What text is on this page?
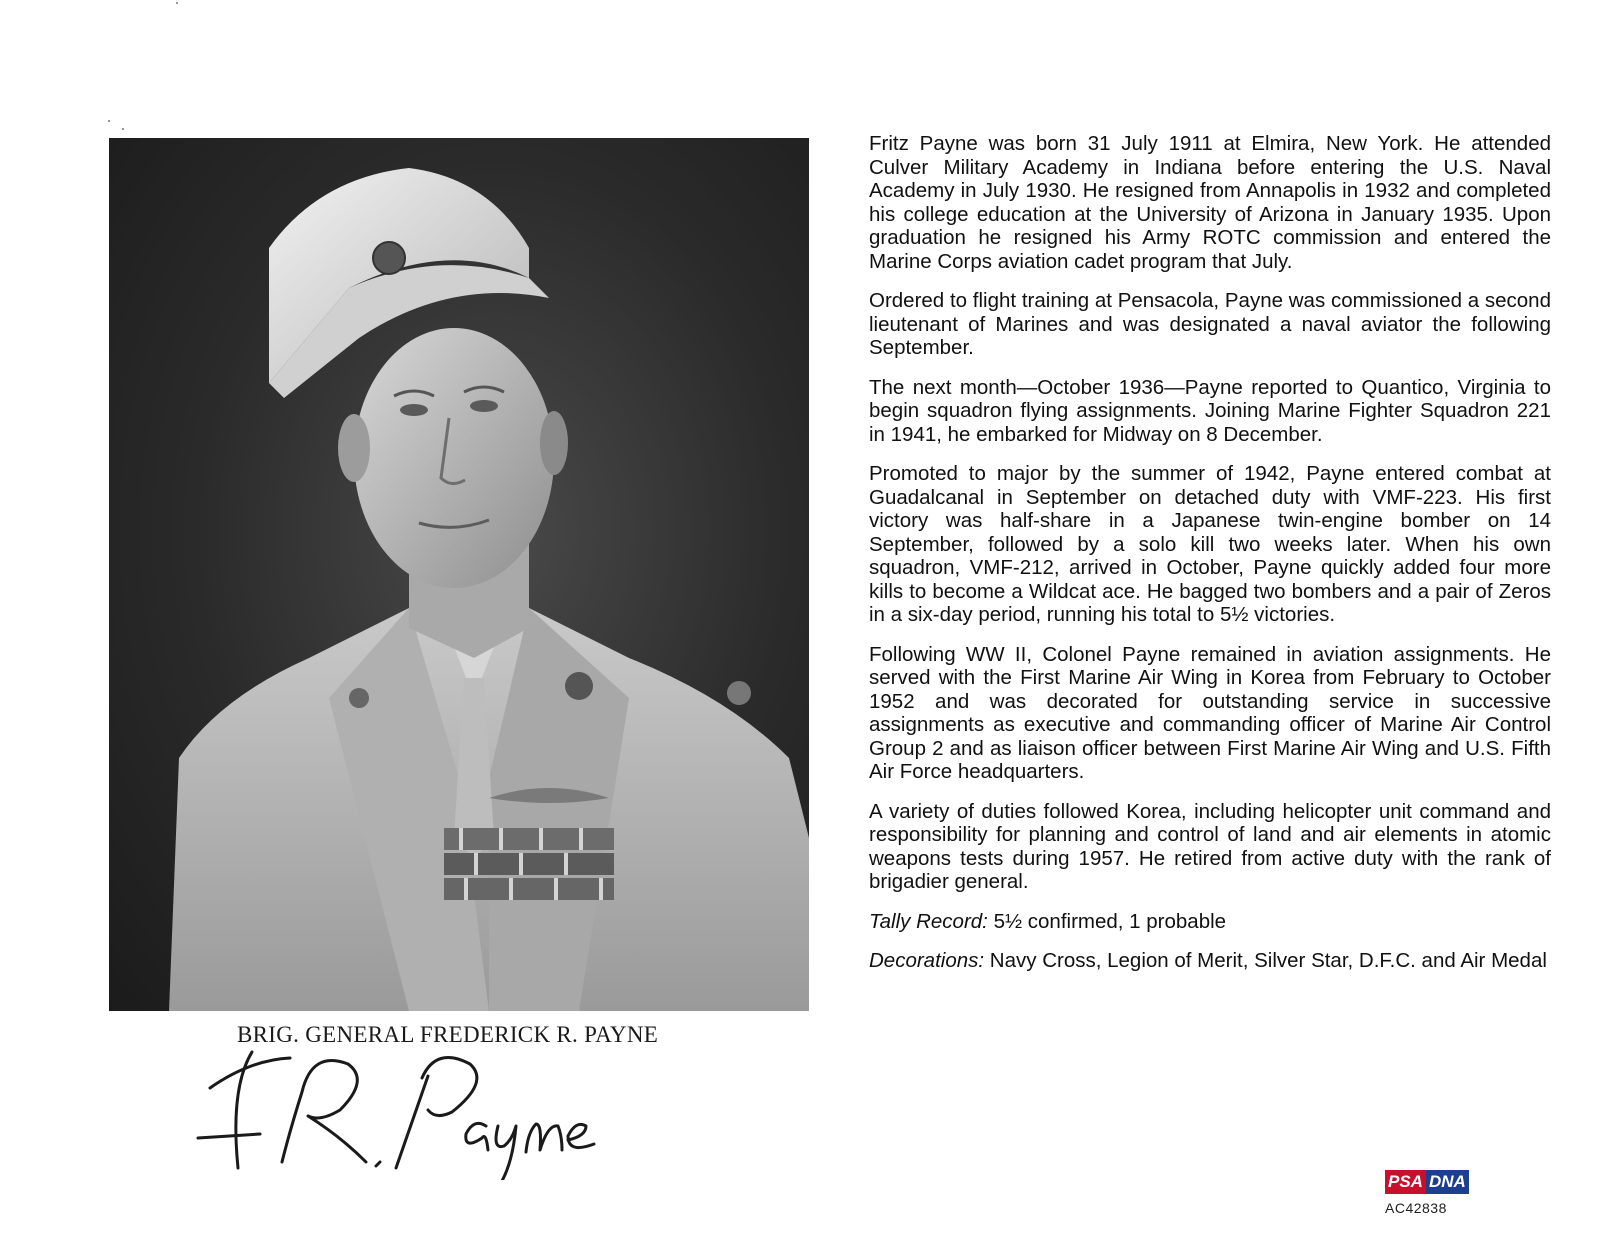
BRIG. GENERAL FREDERICK R. PAYNE

Fritz Payne was born 31 July 1911 at Elmira, New York. He attended Culver Military Academy in Indiana before entering the U.S. Naval Academy in July 1930. He resigned from Annapolis in 1932 and completed his college education at the University of Arizona in January 1935. Upon graduation he resigned his Army ROTC commission and entered the Marine Corps aviation cadet program that July.

Ordered to flight training at Pensacola, Payne was commissioned a second lieutenant of Marines and was designated a naval aviator the following September.

The next month—October 1936—Payne reported to Quantico, Virginia to begin squadron flying assignments. Joining Marine Fighter Squadron 221 in 1941, he embarked for Midway on 8 December.

Promoted to major by the summer of 1942, Payne entered combat at Guadalcanal in September on detached duty with VMF-223. His first victory was half-share in a Japanese twin-engine bomber on 14 September, followed by a solo kill two weeks later. When his own squadron, VMF-212, arrived in October, Payne quickly added four more kills to become a Wildcat ace. He bagged two bombers and a pair of Zeros in a six-day period, running his total to 5½ victories.

Following WW II, Colonel Payne remained in aviation assignments. He served with the First Marine Air Wing in Korea from February to October 1952 and was decorated for outstanding service in successive assignments as executive and commanding officer of Marine Air Control Group 2 and as liaison officer between First Marine Air Wing and U.S. Fifth Air Force headquarters.

A variety of duties followed Korea, including helicopter unit command and responsibility for planning and control of land and air elements in atomic weapons tests during 1957. He retired from active duty with the rank of brigadier general.

Tally Record: 5½ confirmed, 1 probable

Decorations: Navy Cross, Legion of Merit, Silver Star, D.F.C. and Air Medal

PSA DNA
AC42838
